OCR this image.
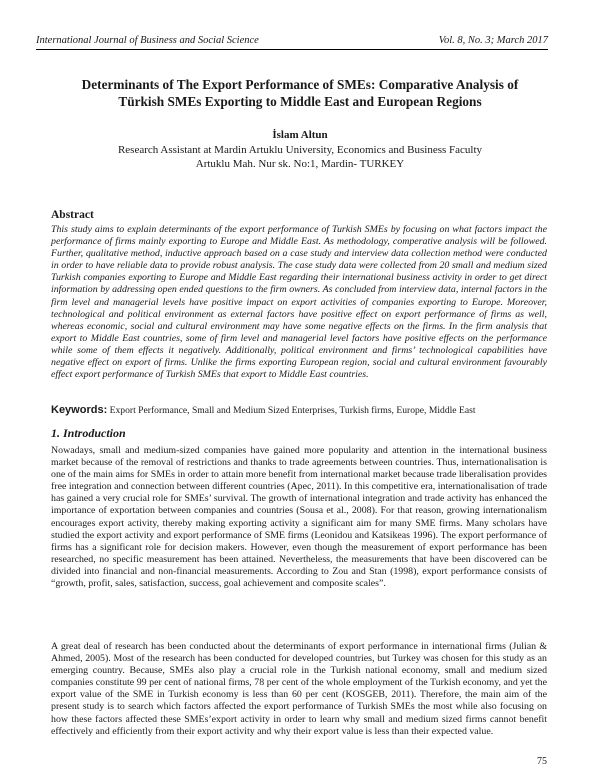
International Journal of Business and Social Science	Vol. 8, No. 3; March 2017
Determinants of The Export Performance of SMEs: Comparative Analysis of
Türkish SMEs Exporting to Middle East and European Regions
İslam Altun
Research Assistant at Mardin Artuklu University, Economics and Business Faculty
Artuklu Mah. Nur sk. No:1, Mardin- TURKEY
Abstract
This study aims to explain determinants of the export performance of Turkish SMEs by focusing on what factors impact the performance of firms mainly exporting to Europe and Middle East. As methodology, comperative analysis will be followed. Further, qualitative method, inductive approach based on a case study and interview data collection method were conducted in order to have reliable data to provide robust analysis. The case study data were collected from 20 small and medium sized Turkish companies exporting to Europe and Middle East regarding their international business activity in order to get direct information by addressing open ended questions to the firm owners. As concluded from interview data, internal factors in the firm level and managerial levels have positive impact on export activities of companies exporting to Europe. Moreover, technological and political environment as external factors have positive effect on export performance of firms as well, whereas economic, social and cultural environment may have some negative effects on the firms. In the firm analysis that export to Middle East countries, some of firm level and managerial level factors have positive effects on the performance while some of them effects it negatively. Additionally, political environment and firms’ technological capabilities have negative effect on export of firms. Unlike the firms exporting European region, social and cultural environment favourably effect export performance of Turkish SMEs that export to Middle East countries.
Keywords: Export Performance, Small and Medium Sized Enterprises, Turkish firms, Europe, Middle East
1. Introduction
Nowadays, small and medium-sized companies have gained more popularity and attention in the international business market because of the removal of restrictions and thanks to trade agreements between countries. Thus, internationalisation is one of the main aims for SMEs in order to attain more benefit from international market because trade liberalisation provides free integration and connection between different countries (Apec, 2011). In this competitive era, internationalisation of trade has gained a very crucial role for SMEs’ survival. The growth of international integration and trade activity has enhanced the importance of exportation between companies and countries (Sousa et al., 2008). For that reason, growing internationalism encourages export activity, thereby making exporting activity a significant aim for many SME firms. Many scholars have studied the export activity and export performance of SME firms (Leonidou and Katsikeas 1996). The export performance of firms has a significant role for decision makers. However, even though the measurement of export performance has been researched, no specific measurement has been attained. Nevertheless, the measurements that have been discovered can be divided into financial and non-financial measurements. According to Zou and Stan (1998), export performance consists of “growth, profit, sales, satisfaction, success, goal achievement and composite scales”.
A great deal of research has been conducted about the determinants of export performance in international firms (Julian & Ahmed, 2005). Most of the research has been conducted for developed countries, but Turkey was chosen for this study as an emerging country. Because, SMEs also play a crucial role in the Turkish national economy, small and medium sized companies constitute 99 per cent of national firms, 78 per cent of the whole employment of the Turkish economy, and yet the export value of the SME in Turkish economy is less than 60 per cent (KOSGEB, 2011). Therefore, the main aim of the present study is to search which factors affected the export performance of Turkish SMEs the most while also focusing on how these factors affected these SMEs’export activity in order to learn why small and medium sized firms cannot benefit effectively and efficiently from their export activity and why their export value is less than their expected value.
75
